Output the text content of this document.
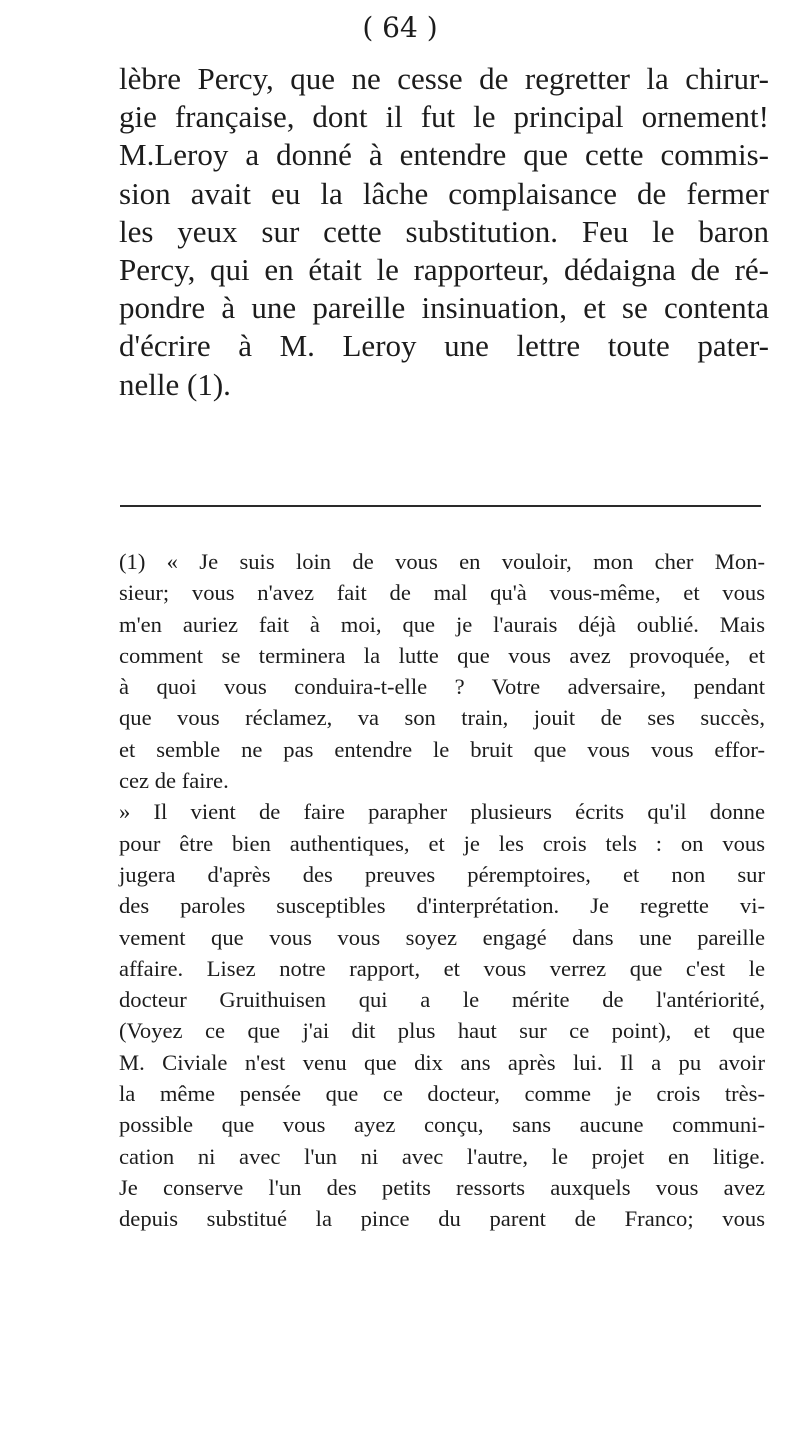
( 64 )
lèbre Percy, que ne cesse de regretter la chirur-
gie française, dont il fut le principal ornement!
M.Leroy a donné à entendre que cette commis-
sion avait eu la lâche complaisance de fermer
les yeux sur cette substitution. Feu le baron
Percy, qui en était le rapporteur, dédaigna de ré-
pondre à une pareille insinuation, et se contenta
d'écrire à M. Leroy une lettre toute pater-
nelle (1).
(1) « Je suis loin de vous en vouloir, mon cher Mon-
sieur; vous n'avez fait de mal qu'à vous-même, et vous
m'en auriez fait à moi, que je l'aurais déjà oublié. Mais
comment se terminera la lutte que vous avez provoquée, et
à quoi vous conduira-t-elle ? Votre adversaire, pendant
que vous réclamez, va son train, jouit de ses succès,
et semble ne pas entendre le bruit que vous vous effor-
cez de faire.
» Il vient de faire parapher plusieurs écrits qu'il donne
pour être bien authentiques, et je les crois tels : on vous
jugera d'après des preuves péremptoires, et non sur
des paroles susceptibles d'interprétation. Je regrette vi-
vement que vous vous soyez engagé dans une pareille
affaire. Lisez notre rapport, et vous verrez que c'est le
docteur Gruithuisen qui a le mérite de l'antériorité,
(Voyez ce que j'ai dit plus haut sur ce point), et que
M. Civiale n'est venu que dix ans après lui. Il a pu avoir
la même pensée que ce docteur, comme je crois très-
possible que vous ayez conçu, sans aucune communi-
cation ni avec l'un ni avec l'autre, le projet en litige.
Je conserve l'un des petits ressorts auxquels vous avez
depuis substitué la pince du parent de Franco; vous
